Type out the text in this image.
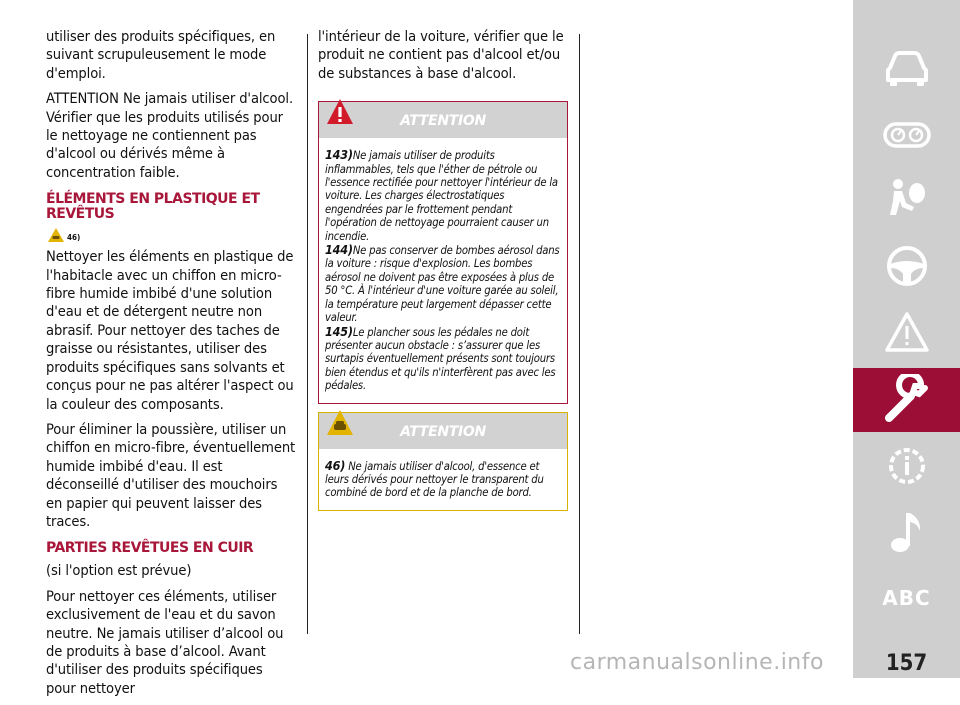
utiliser des produits spécifiques, en suivant scrupuleusement le mode d'emploi.

ATTENTION Ne jamais utiliser d'alcool. Vérifier que les produits utilisés pour le nettoyage ne contiennent pas d'alcool ou dérivés même à concentration faible.

ÉLÉMENTS EN PLASTIQUE ET REVÊTUS
46)

Nettoyer les éléments en plastique de l'habitacle avec un chiffon en micro-fibre humide imbibé d'une solution d'eau et de détergent neutre non abrasif. Pour nettoyer des taches de graisse ou résistantes, utiliser des produits spécifiques sans solvants et conçus pour ne pas altérer l'aspect ou la couleur des composants.

Pour éliminer la poussière, utiliser un chiffon en micro-fibre, éventuellement humide imbibé d'eau. Il est déconseillé d'utiliser des mouchoirs en papier qui peuvent laisser des traces.

PARTIES REVÊTUES EN CUIR

(si l'option est prévue)

Pour nettoyer ces éléments, utiliser exclusivement de l'eau et du savon neutre. Ne jamais utiliser d’alcool ou de produits à base d’alcool. Avant d'utiliser des produits spécifiques pour nettoyer

l'intérieur de la voiture, vérifier que le produit ne contient pas d'alcool et/ou de substances à base d'alcool.

ATTENTION
143)Ne jamais utiliser de produits inflammables, tels que l'éther de pétrole ou l'essence rectifiée pour nettoyer l'intérieur de la voiture. Les charges électrostatiques engendrées par le frottement pendant l'opération de nettoyage pourraient causer un incendie.
144)Ne pas conserver de bombes aérosol dans la voiture : risque d'explosion. Les bombes aérosol ne doivent pas être exposées à plus de 50 °C. À l'intérieur d'une voiture garée au soleil, la température peut largement dépasser cette valeur.
145)Le plancher sous les pédales ne doit présenter aucun obstacle : s’assurer que les surtapis éventuellement présents sont toujours bien étendus et qu'ils n'interfèrent pas avec les pédales.
ATTENTION
46) Ne jamais utiliser d'alcool, d'essence et leurs dérivés pour nettoyer le transparent du combiné de bord et de la planche de bord.
ABC
157
carmanualsonline.info
